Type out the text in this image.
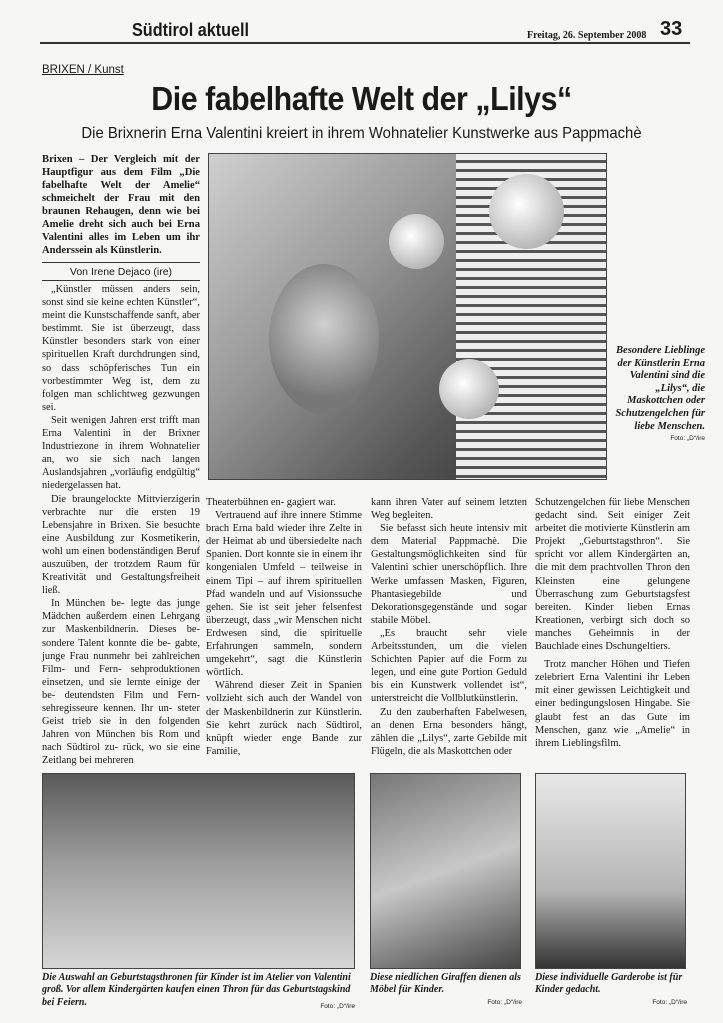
Südtirol aktuell	Freitag, 26. September 2008 33
BRIXEN / Kunst
Die fabelhafte Welt der „Lilys“
Die Brixnerin Erna Valentini kreiert in ihrem Wohnatelier Kunstwerke aus Pappmachè
Brixen – Der Vergleich mit der Hauptfigur aus dem Film „Die fabelhafte Welt der Amelie“ schmeichelt der Frau mit den braunen Rehaugen, denn wie bei Amelie dreht sich auch bei Erna Valentini alles im Leben um ihr Anderssein als Künstlerin.
Von Irene Dejaco (ire)

„Künstler müssen anders sein, sonst sind sie keine echten Künstler“, meint die Kunstschaffende sanft, aber bestimmt. Sie ist überzeugt, dass Künstler besonders stark von einer spirituellen Kraft durchdrungen sind, so dass schöpferisches Tun ein vorbestimmter Weg ist, dem zu folgen man schlichtweg gezwungen sei.

Seit wenigen Jahren erst trifft man Erna Valentini in der Brixner Industriezone in ihrem Wohnatelier an, wo sie sich nach langen Auslandsjahren „vorläufig endgültig“ niedergelassen hat.

Die braungelockte Mittvierzigerin verbrachte nur die ersten 19 Lebensjahre in Brixen. Sie besuchte eine Ausbildung zur Kosmetikerin, wohl um einen bodenständigen Beruf auszuüben, der trotzdem Raum für Kreativität und Gestaltungsfreiheit ließ.

In München be- legte das junge Mädchen außerdem einen Lehrgang zur Maskenbildnerin. Dieses be- sondere Talent konnte die be- gabte, junge Frau nunmehr bei zahlreichen Film- und Fern- sehproduktionen einsetzen, und sie lernte einige der be- deutendsten Film und Fern- sehregisseure kennen. Ihr un- steter Geist trieb sie in den folgenden Jahren von München bis Rom und nach Südtirol zu- rück, wo sie eine Zeitlang bei mehreren

Theaterbühnen en- gagiert war.

Vertrauend auf ihre innere Stimme brach Erna bald wieder ihre Zelte in der Heimat ab und übersiedelte nach Spanien. Dort konnte sie in einem ihr kongenialen Umfeld – teilweise in einem Tipi – auf ihrem spirituellen Pfad wandeln und auf Visionssuche gehen. Sie ist seit jeher felsenfest überzeugt, dass „wir Menschen nicht Erdwesen sind, die spirituelle Erfahrungen sammeln, sondern umgekehrt“, sagt die Künstlerin wörtlich.

Während dieser Zeit in Spanien vollzieht sich auch der Wandel von der Maskenbildnerin zur Künstlerin. Sie kehrt zurück nach Südtirol, knüpft wieder enge Bande zur Familie,

kann ihren Vater auf seinem letzten Weg begleiten.

Sie befasst sich heute intensiv mit dem Material Pappmachè. Die Gestaltungsmöglichkeiten sind für Valentini schier unerschöpflich. Ihre Werke umfassen Masken, Figuren, Phantasiegebilde und Dekorationsgegenstände und sogar stabile Möbel.

„Es braucht sehr viele Arbeitsstunden, um die vielen Schichten Papier auf die Form zu legen, und eine gute Portion Geduld bis ein Kunstwerk vollendet ist“, unterstreicht die Vollblutkünstlerin.

Zu den zauberhaften Fabelwesen, an denen Erna besonders hängt, zählen die „Lilys“, zarte Gebilde mit Flügeln, die als Maskottchen oder

Schutzengelchen für liebe Menschen gedacht sind. Seit einiger Zeit arbeitet die motivierte Künstlerin am Projekt „Geburtstagsthron“. Sie spricht vor allem Kindergärten an, die mit dem prachtvollen Thron den Kleinsten eine gelungene Überraschung zum Geburtstagsfest bereiten. Kinder lieben Ernas Kreationen, verbirgt sich doch so manches Geheimnis in der Bauchlade eines Dschungeltiers.

Trotz mancher Höhen und Tiefen zelebriert Erna Valentini ihr Leben mit einer gewissen Leichtigkeit und einer bedingungslosen Hingabe. Sie glaubt fest an das Gute im Menschen, ganz wie „Amelie“ in ihrem Lieblingsfilm.

Besondere Lieblinge der Künstlerin Erna Valentini sind die „Lilys“, die Maskottchen oder Schutzengelchen für liebe Menschen.
Foto: „D“/ire
Die Auswahl an Geburtstagsthronen für Kinder ist im Atelier von Valentini groß. Vor allem Kindergärten kaufen einen Thron für das Geburtstagskind bei Feiern.	Foto: „D“/ire
Diese niedlichen Giraffen dienen als Möbel für Kinder.
Foto: „D“/ire
Diese individuelle Garderobe ist für Kinder gedacht.
Foto: „D“/ire
